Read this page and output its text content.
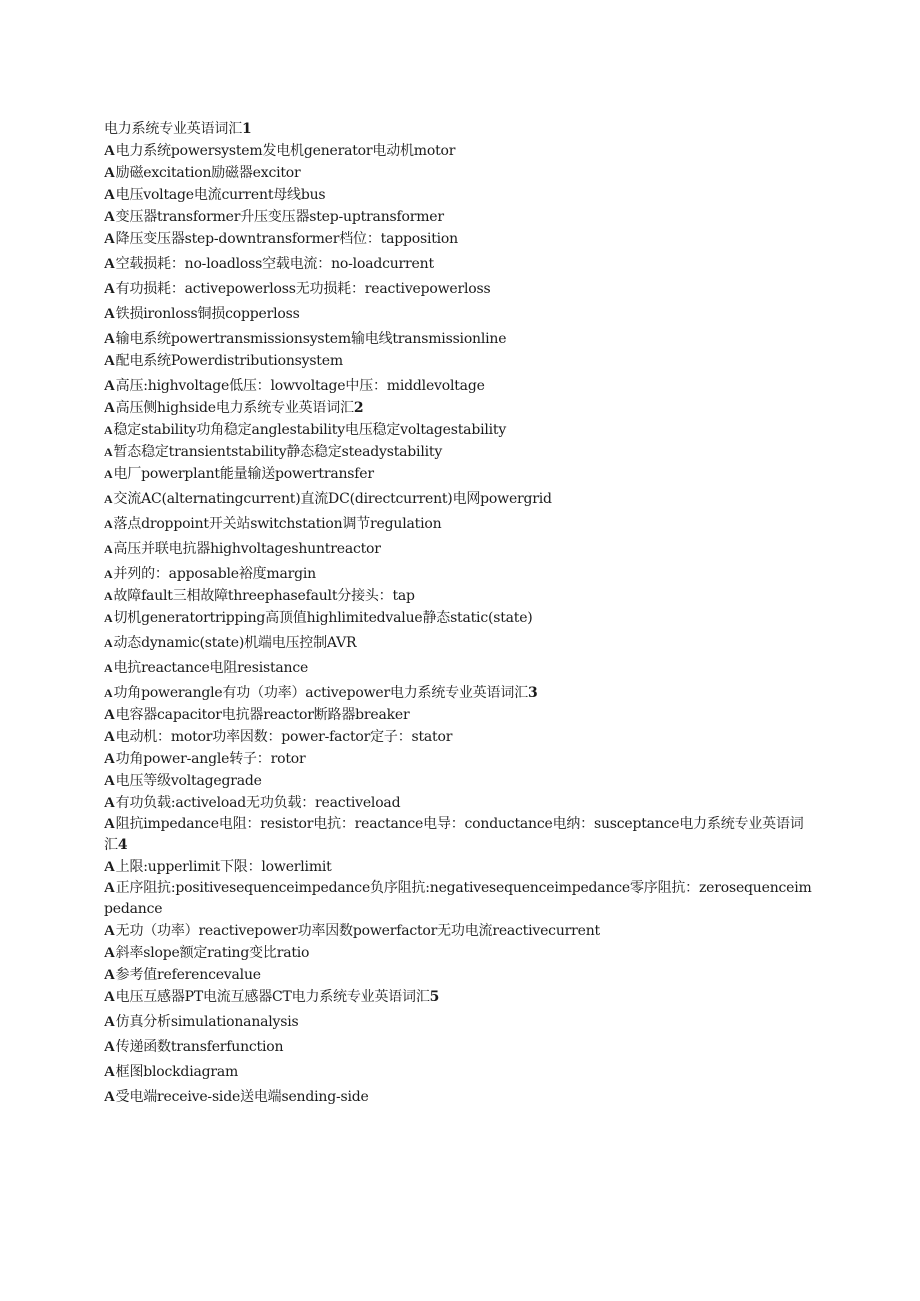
电力系统专业英语词汇1

A电力系统powersystem发电机generator电动机motor

A励磁excitation励磁器excitor

A电压voltage电流current母线bus

A变压器transformer升压变压器step-uptransformer

A降压变压器step-downtransformer档位：tapposition

A空载损耗：no-loadloss空载电流：no-loadcurrent

A有功损耗：activepowerloss无功损耗：reactivepowerloss

A铁损ironloss铜损copperloss

A输电系统powertransmissionsystem输电线transmissionline

A配电系统Powerdistributionsystem

A高压:highvoltage低压：lowvoltage中压：middlevoltage

A高压侧highside电力系统专业英语词汇2

A稳定stability功角稳定anglestability电压稳定voltagestability

A暂态稳定transientstability静态稳定steadystability

A电厂powerplant能量输送powertransfer

A交流AC(alternatingcurrent)直流DC(directcurrent)电网powergrid

A落点droppoint开关站switchstation调节regulation

A高压并联电抗器highvoltageshuntreactor

A并列的：apposable裕度margin

A故障fault三相故障threephasefault分接头：tap

A切机generatortripping高顶值highlimitedvalue静态static(state)

A动态dynamic(state)机端电压控制AVR

A电抗reactance电阻resistance

A功角powerangle有功（功率）activepower电力系统专业英语词汇3

A电容器capacitor电抗器reactor断路器breaker

A电动机：motor功率因数：power-factor定子：stator

A功角power-angle转子：rotor

A电压等级voltagegrade

A有功负载:activeload无功负载：reactiveload

A阻抗impedance电阻：resistor电抗：reactance电导：conductance电纳：susceptance电力系统专业英语词汇4

A上限:upperlimit下限：lowerlimit

A正序阻抗:positivesequenceimpedance负序阻抗:negativesequenceimpedance零序阻抗：zerosequenceimpedance

A无功（功率）reactivepower功率因数powerfactor无功电流reactivecurrent

A斜率slope额定rating变比ratio

A参考值referencevalue

A电压互感器PT电流互感器CT电力系统专业英语词汇5

A仿真分析simulationanalysis

A传递函数transferfunction

A框图blockdiagram

A受电端receive-side送电端sending-side
